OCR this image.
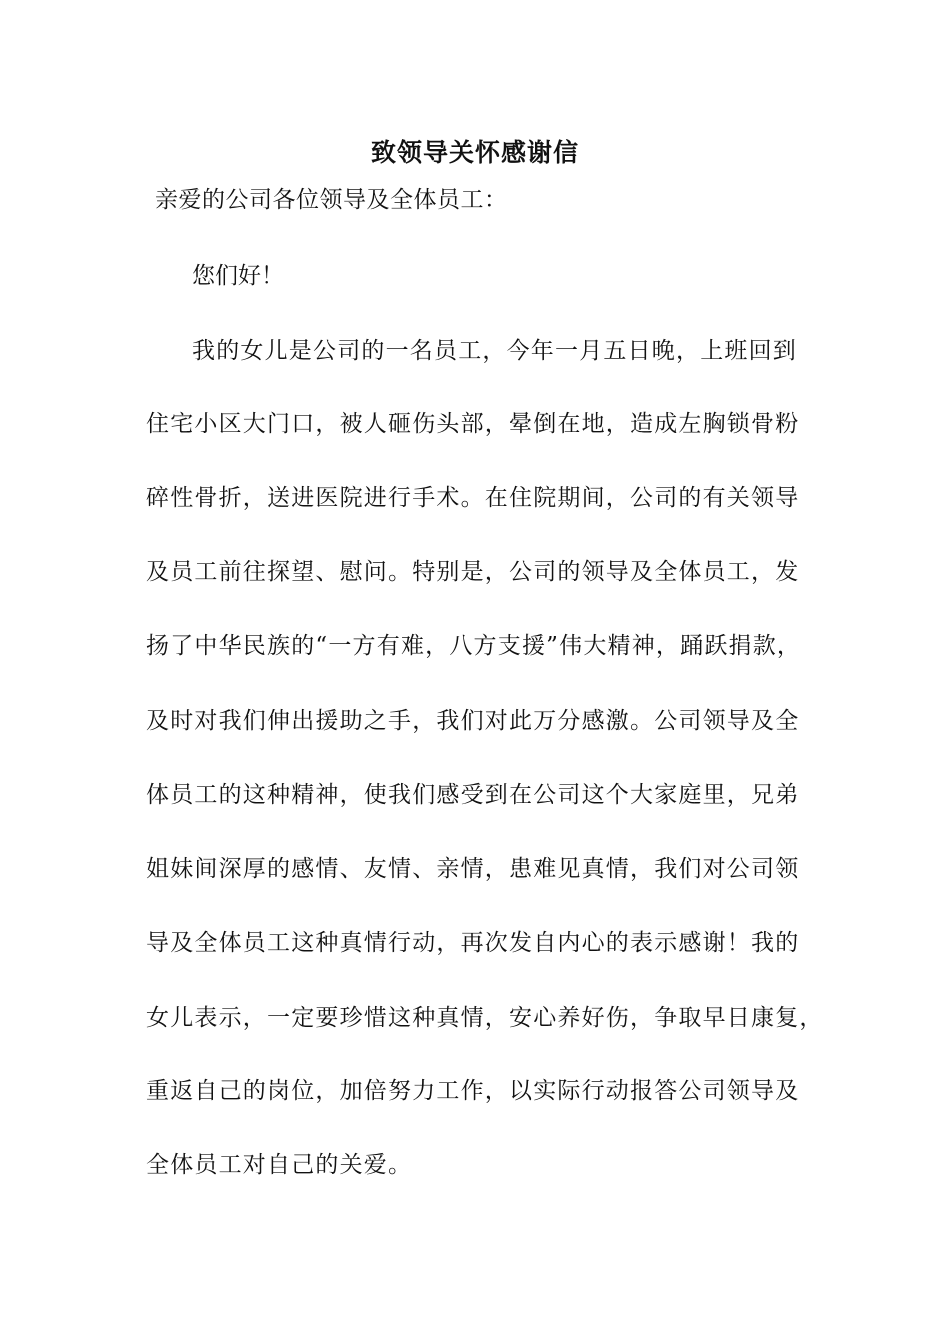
致领导关怀感谢信
亲爱的公司各位领导及全体员工：
您们好！
我的女儿是公司的一名员工，今年一月五日晚，上班回到
住宅小区大门口，被人砸伤头部，晕倒在地，造成左胸锁骨粉
碎性骨折，送进医院进行手术。在住院期间，公司的有关领导
及员工前往探望、慰问。特别是，公司的领导及全体员工，发
扬了中华民族的“一方有难，八方支援”伟大精神，踊跃捐款，
及时对我们伸出援助之手，我们对此万分感激。公司领导及全
体员工的这种精神，使我们感受到在公司这个大家庭里，兄弟
姐妹间深厚的感情、友情、亲情，患难见真情，我们对公司领
导及全体员工这种真情行动，再次发自内心的表示感谢！我的
女儿表示，一定要珍惜这种真情，安心养好伤，争取早日康复，
重返自己的岗位，加倍努力工作，以实际行动报答公司领导及
全体员工对自己的关爱。
